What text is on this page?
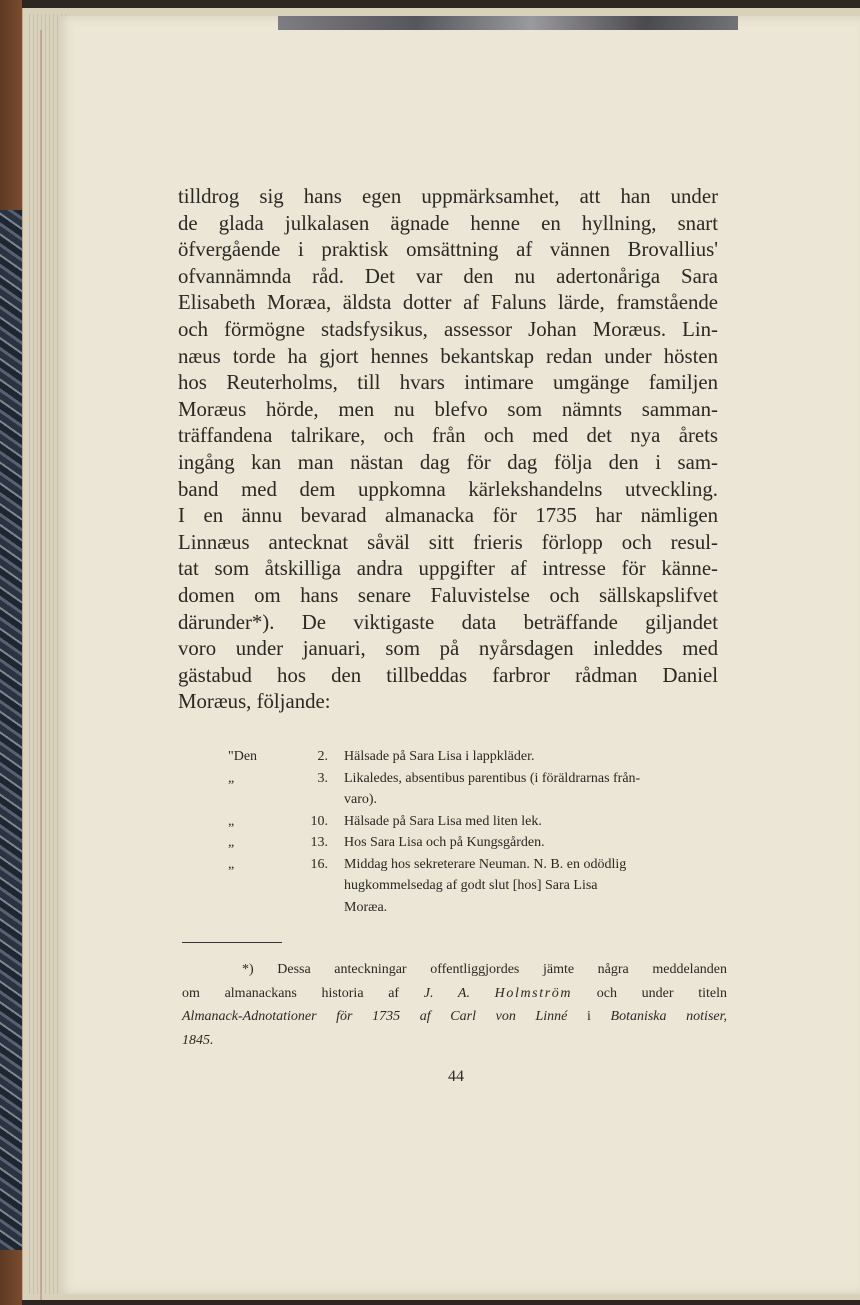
tilldrog sig hans egen uppmärksamhet, att han under
de glada julkalasen ägnade henne en hyllning, snart
öfvergående i praktisk omsättning af vännen Brovallius'
ofvannämnda råd. Det var den nu adertonåriga Sara
Elisabeth Moræa, äldsta dotter af Faluns lärde, framstående
och förmögne stadsfysikus, assessor Johan Moræus. Lin-
næus torde ha gjort hennes bekantskap redan under hösten
hos Reuterholms, till hvars intimare umgänge familjen
Moræus hörde, men nu blefvo som nämnts samman-
träffandena talrikare, och från och med det nya årets
ingång kan man nästan dag för dag följa den i sam-
band med dem uppkomna kärlekshandelns utveckling.
I en ännu bevarad almanacka för 1735 har nämligen
Linnæus antecknat såväl sitt frieris förlopp och resul-
tat som åtskilliga andra uppgifter af intresse för känne-
domen om hans senare Faluvistelse och sällskapslifvet
därunder*). De viktigaste data beträffande giljandet
voro under januari, som på nyårsdagen inleddes med
gästabud hos den tillbeddas farbror rådman Daniel
Moræus, följande:
"Den	2.	Hälsade på Sara Lisa i lappkläder.
„	3.	Likaledes, absentibus parentibus (i föräldrarnas från-
varo).
„	10.	Hälsade på Sara Lisa med liten lek.
„	13.	Hos Sara Lisa och på Kungsgården.
„	16.	Middag hos sekreterare Neuman. N. B. en odödlig
hugkommelsedag af godt slut [hos] Sara Lisa
Moræa.
*) Dessa anteckningar offentliggjordes jämte några meddelanden
om almanackans historia af J. A. Holmström och under titeln
Almanack-Adnotationer för 1735 af Carl von Linné i Botaniska notiser,
1845.
44
